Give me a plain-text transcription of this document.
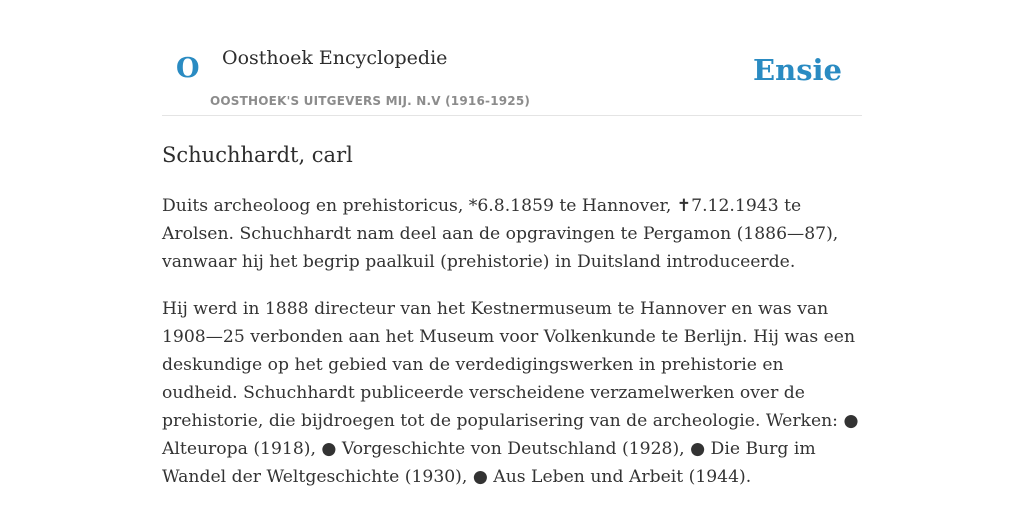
O Oosthoek Encyclopedie
OOSTHOEK'S UITGEVERS MIJ. N.V (1916-1925)
Ensie
Schuchhardt, carl

Duits archeoloog en prehistoricus, *6.8.1859 te Hannover, ✝7.12.1943 te Arolsen. Schuchhardt nam deel aan de opgravingen te Pergamon (1886—87), vanwaar hij het begrip paalkuil (prehistorie) in Duitsland introduceerde.

Hij werd in 1888 directeur van het Kestnermuseum te Hannover en was van 1908—25 verbonden aan het Museum voor Volkenkunde te Berlijn. Hij was een deskundige op het gebied van de verdedigingswerken in prehistorie en oudheid. Schuchhardt publiceerde verscheidene verzamelwerken over de prehistorie, die bijdroegen tot de popularisering van de archeologie. Werken: ● Alteuropa (1918), ● Vorgeschichte von Deutschland (1928), ● Die Burg im Wandel der Weltgeschichte (1930), ● Aus Leben und Arbeit (1944).
